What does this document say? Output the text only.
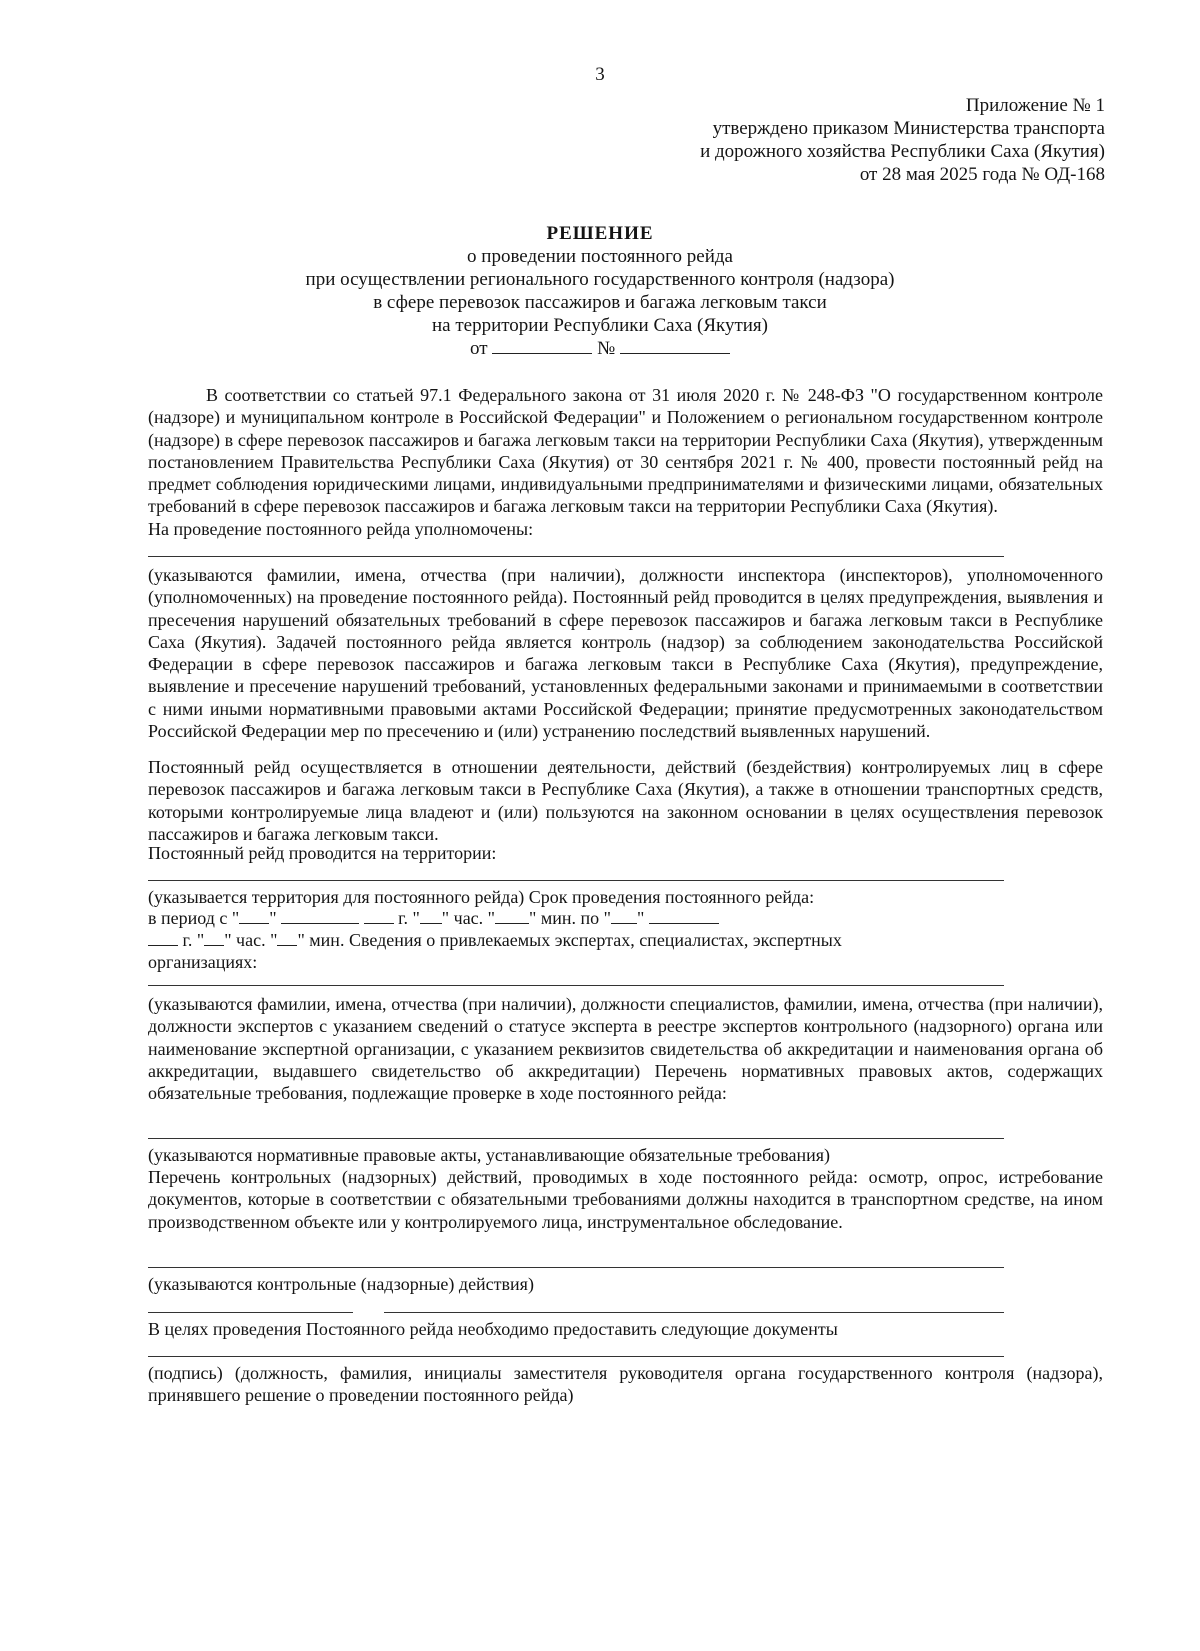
3
Приложение № 1
утверждено приказом Министерства транспорта
и дорожного хозяйства Республики Саха (Якутия)
от 28 мая 2025 года № ОД-168
РЕШЕНИЕ
о проведении постоянного рейда
при осуществлении регионального государственного контроля (надзора)
в сфере перевозок пассажиров и багажа легковым такси
на территории Республики Саха (Якутия)
от	№
В соответствии со статьей 97.1 Федерального закона от 31 июля 2020 г. № 248-ФЗ "О государственном контроле (надзоре) и муниципальном контроле в Российской Федерации" и Положением о региональном государственном контроле (надзоре) в сфере перевозок пассажиров и багажа легковым такси на территории Республики Саха (Якутия), утвержденным постановлением Правительства Республики Саха (Якутия) от 30 сентября 2021 г. № 400, провести постоянный рейд на предмет соблюдения юридическими лицами, индивидуальными предпринимателями и физическими лицами, обязательных требований в сфере перевозок пассажиров и багажа легковым такси на территории Республики Саха (Якутия).
На проведение постоянного рейда уполномочены:
(указываются фамилии, имена, отчества (при наличии), должности инспектора (инспекторов), уполномоченного (уполномоченных) на проведение постоянного рейда). Постоянный рейд проводится в целях предупреждения, выявления и пресечения нарушений обязательных требований в сфере перевозок пассажиров и багажа легковым такси в Республике Саха (Якутия). Задачей постоянного рейда является контроль (надзор) за соблюдением законодательства Российской Федерации в сфере перевозок пассажиров и багажа легковым такси в Республике Саха (Якутия), предупреждение, выявление и пресечение нарушений требований, установленных федеральными законами и принимаемыми в соответствии с ними иными нормативными правовыми актами Российской Федерации; принятие предусмотренных законодательством Российской Федерации мер по пресечению и (или) устранению последствий выявленных нарушений.
Постоянный рейд осуществляется в отношении деятельности, действий (бездействия) контролируемых лиц в сфере перевозок пассажиров и багажа легковым такси в Республике Саха (Якутия), а также в отношении транспортных средств, которыми контролируемые лица владеют и (или) пользуются на законном основании в целях осуществления перевозок пассажиров и багажа легковым такси.
Постоянный рейд проводится на территории:
(указывается территория для постоянного рейда) Срок проведения постоянного рейда:
в период с " "	г. " " час. " " мин. по " "
г. " " час. " " мин. Сведения о привлекаемых экспертах, специалистах, экспертных
организациях:
(указываются фамилии, имена, отчества (при наличии), должности специалистов, фамилии, имена, отчества (при наличии), должности экспертов с указанием сведений о статусе эксперта в реестре экспертов контрольного (надзорного) органа или наименование экспертной организации, с указанием реквизитов свидетельства об аккредитации и наименования органа об аккредитации, выдавшего свидетельство об аккредитации) Перечень нормативных правовых актов, содержащих обязательные требования, подлежащие проверке в ходе постоянного рейда:
(указываются нормативные правовые акты, устанавливающие обязательные требования)
Перечень контрольных (надзорных) действий, проводимых в ходе постоянного рейда: осмотр, опрос, истребование документов, которые в соответствии с обязательными требованиями должны находится в транспортном средстве, на ином производственном объекте или у контролируемого лица, инструментальное обследование.
(указываются контрольные (надзорные) действия)
В целях проведения Постоянного рейда необходимо предоставить следующие документы
(подпись) (должность, фамилия, инициалы заместителя руководителя органа государственного контроля (надзора), принявшего решение о проведении постоянного рейда)
